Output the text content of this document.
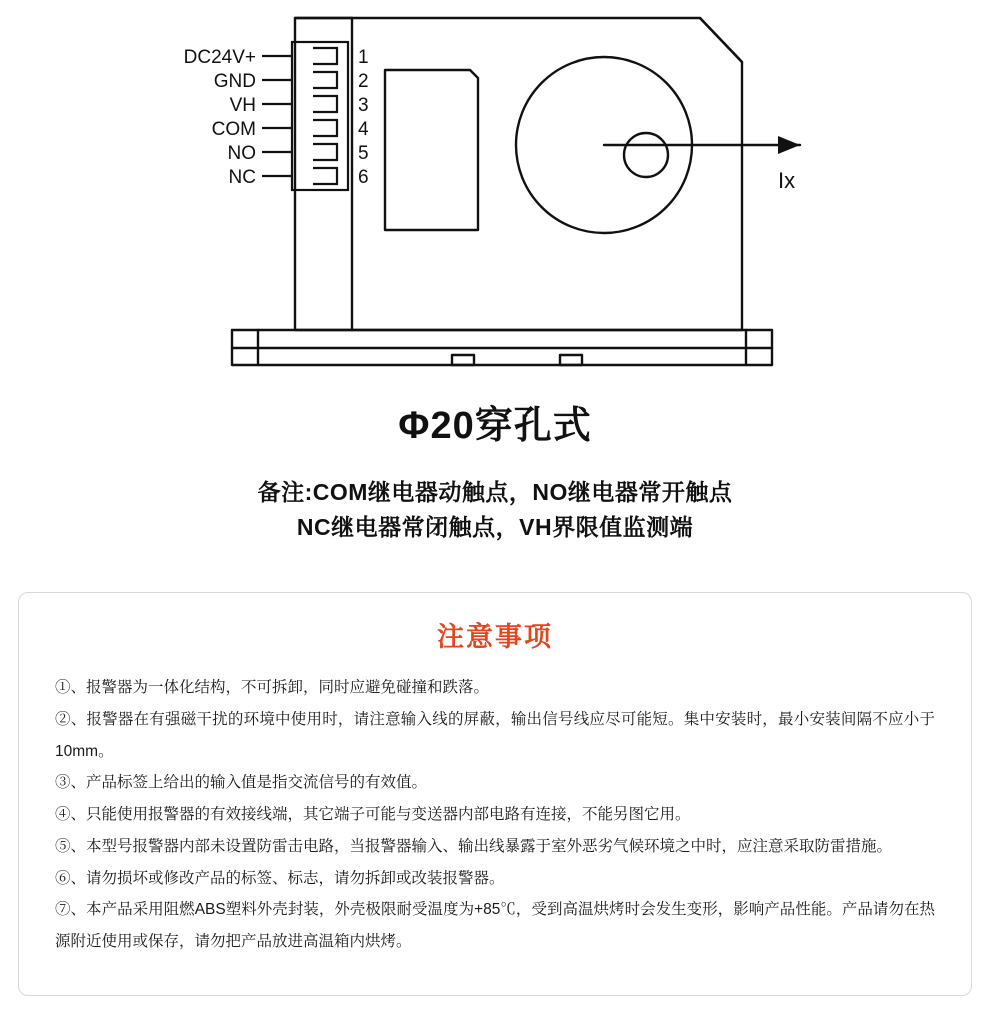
DC24V+
GND
VH
COM
NO
NC
1
2
3
4
5
6	Ix
Φ20穿孔式
备注:COM继电器动触点，NO继电器常开触点
NC继电器常闭触点，VH界限值监测端
注意事项
①、报警器为一体化结构，不可拆卸，同时应避免碰撞和跌落。
②、报警器在有强磁干扰的环境中使用时，请注意输入线的屏蔽，输出信号线应尽可能短。集中安装时，最小安装间隔不应小于10mm。
③、产品标签上给出的输入值是指交流信号的有效值。
④、只能使用报警器的有效接线端，其它端子可能与变送器内部电路有连接，不能另图它用。
⑤、本型号报警器内部未设置防雷击电路，当报警器输入、输出线暴露于室外恶劣气候环境之中时，应注意采取防雷措施。
⑥、请勿损坏或修改产品的标签、标志，请勿拆卸或改装报警器。
⑦、本产品采用阻燃ABS塑料外壳封装，外壳极限耐受温度为+85℃，受到高温烘烤时会发生变形，影响产品性能。产品请勿在热源附近使用或保存，请勿把产品放进高温箱内烘烤。
